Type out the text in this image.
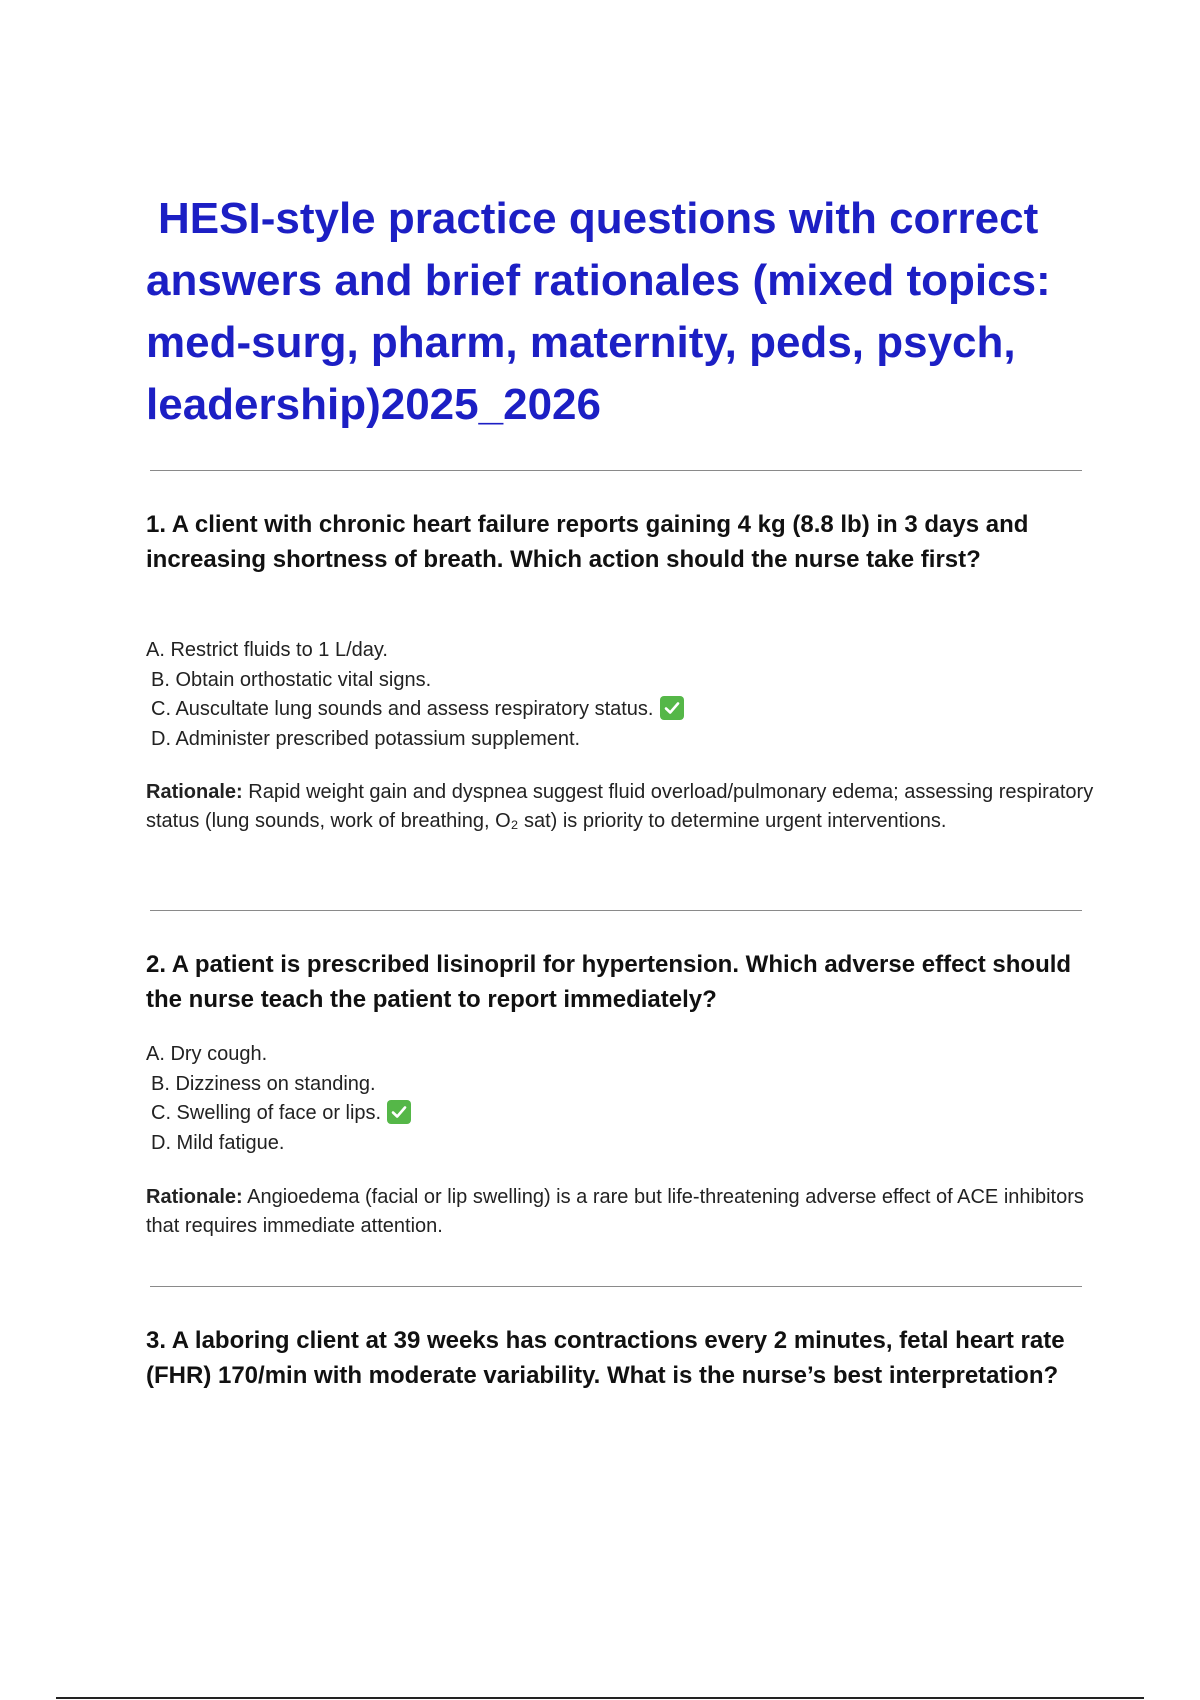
HESI-style practice questions with correct answers and brief rationales (mixed topics: med-surg, pharm, maternity, peds, psych, leadership)2025_2026

1. A client with chronic heart failure reports gaining 4 kg (8.8 lb) in 3 days and increasing shortness of breath. Which action should the nurse take first?

A. Restrict fluids to 1 L/day.
B. Obtain orthostatic vital signs.
C. Auscultate lung sounds and assess respiratory status.
D. Administer prescribed potassium supplement.

Rationale: Rapid weight gain and dyspnea suggest fluid overload/pulmonary edema; assessing respiratory status (lung sounds, work of breathing, O₂ sat) is priority to determine urgent interventions.

2. A patient is prescribed lisinopril for hypertension. Which adverse effect should the nurse teach the patient to report immediately?

A. Dry cough.
B. Dizziness on standing.
C. Swelling of face or lips.
D. Mild fatigue.

Rationale: Angioedema (facial or lip swelling) is a rare but life-threatening adverse effect of ACE inhibitors that requires immediate attention.

3. A laboring client at 39 weeks has contractions every 2 minutes, fetal heart rate (FHR) 170/min with moderate variability. What is the nurse’s best interpretation?
